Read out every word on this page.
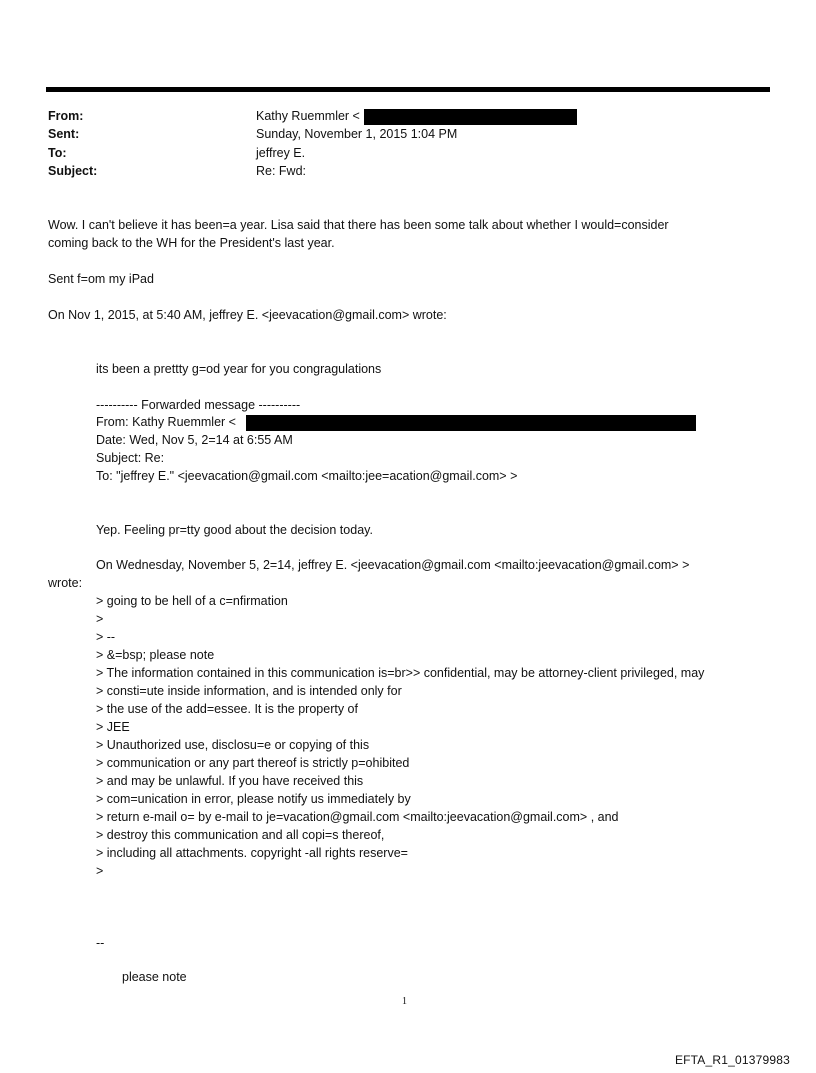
From:	Kathy Ruemmler <
Sent:	Sunday, November 1, 2015 1:04 PM
To:	jeffrey E.
Subject:	Re: Fwd:
Wow. I can't believe it has been=a year. Lisa said that there has been some talk about whether I would=consider
coming back to the WH for the President's last year.
Sent f=om my iPad
On Nov 1, 2015, at 5:40 AM, jeffrey E. <jeevacation@gmail.com> wrote:
its been a prettty g=od year for you congragulations
---------- Forwarded message ----------
From: Kathy Ruemmler <
Date: Wed, Nov 5, 2=14 at 6:55 AM
Subject: Re:
To: "jeffrey E." <jeevacation@gmail.com <mailto:jee=acation@gmail.com> >
Yep. Feeling pr=tty good about the decision today.
On Wednesday, November 5, 2=14, jeffrey E. <jeevacation@gmail.com <mailto:jeevacation@gmail.com> >
wrote:
> going to be hell of a c=nfirmation
>
> --
> &=bsp; please note
> The information contained in this communication is=br>> confidential, may be attorney-client privileged, may
> consti=ute inside information, and is intended only for
> the use of the add=essee. It is the property of
> JEE
> Unauthorized use, disclosu=e or copying of this
> communication or any part thereof is strictly p=ohibited
> and may be unlawful. If you have received this
> com=unication in error, please notify us immediately by
> return e-mail o= by e-mail to je=vacation@gmail.com <mailto:jeevacation@gmail.com> , and
> destroy this communication and all copi=s thereof,
> including all attachments. copyright -all rights reserve=
>
--
please note
1
EFTA_R1_01379983
